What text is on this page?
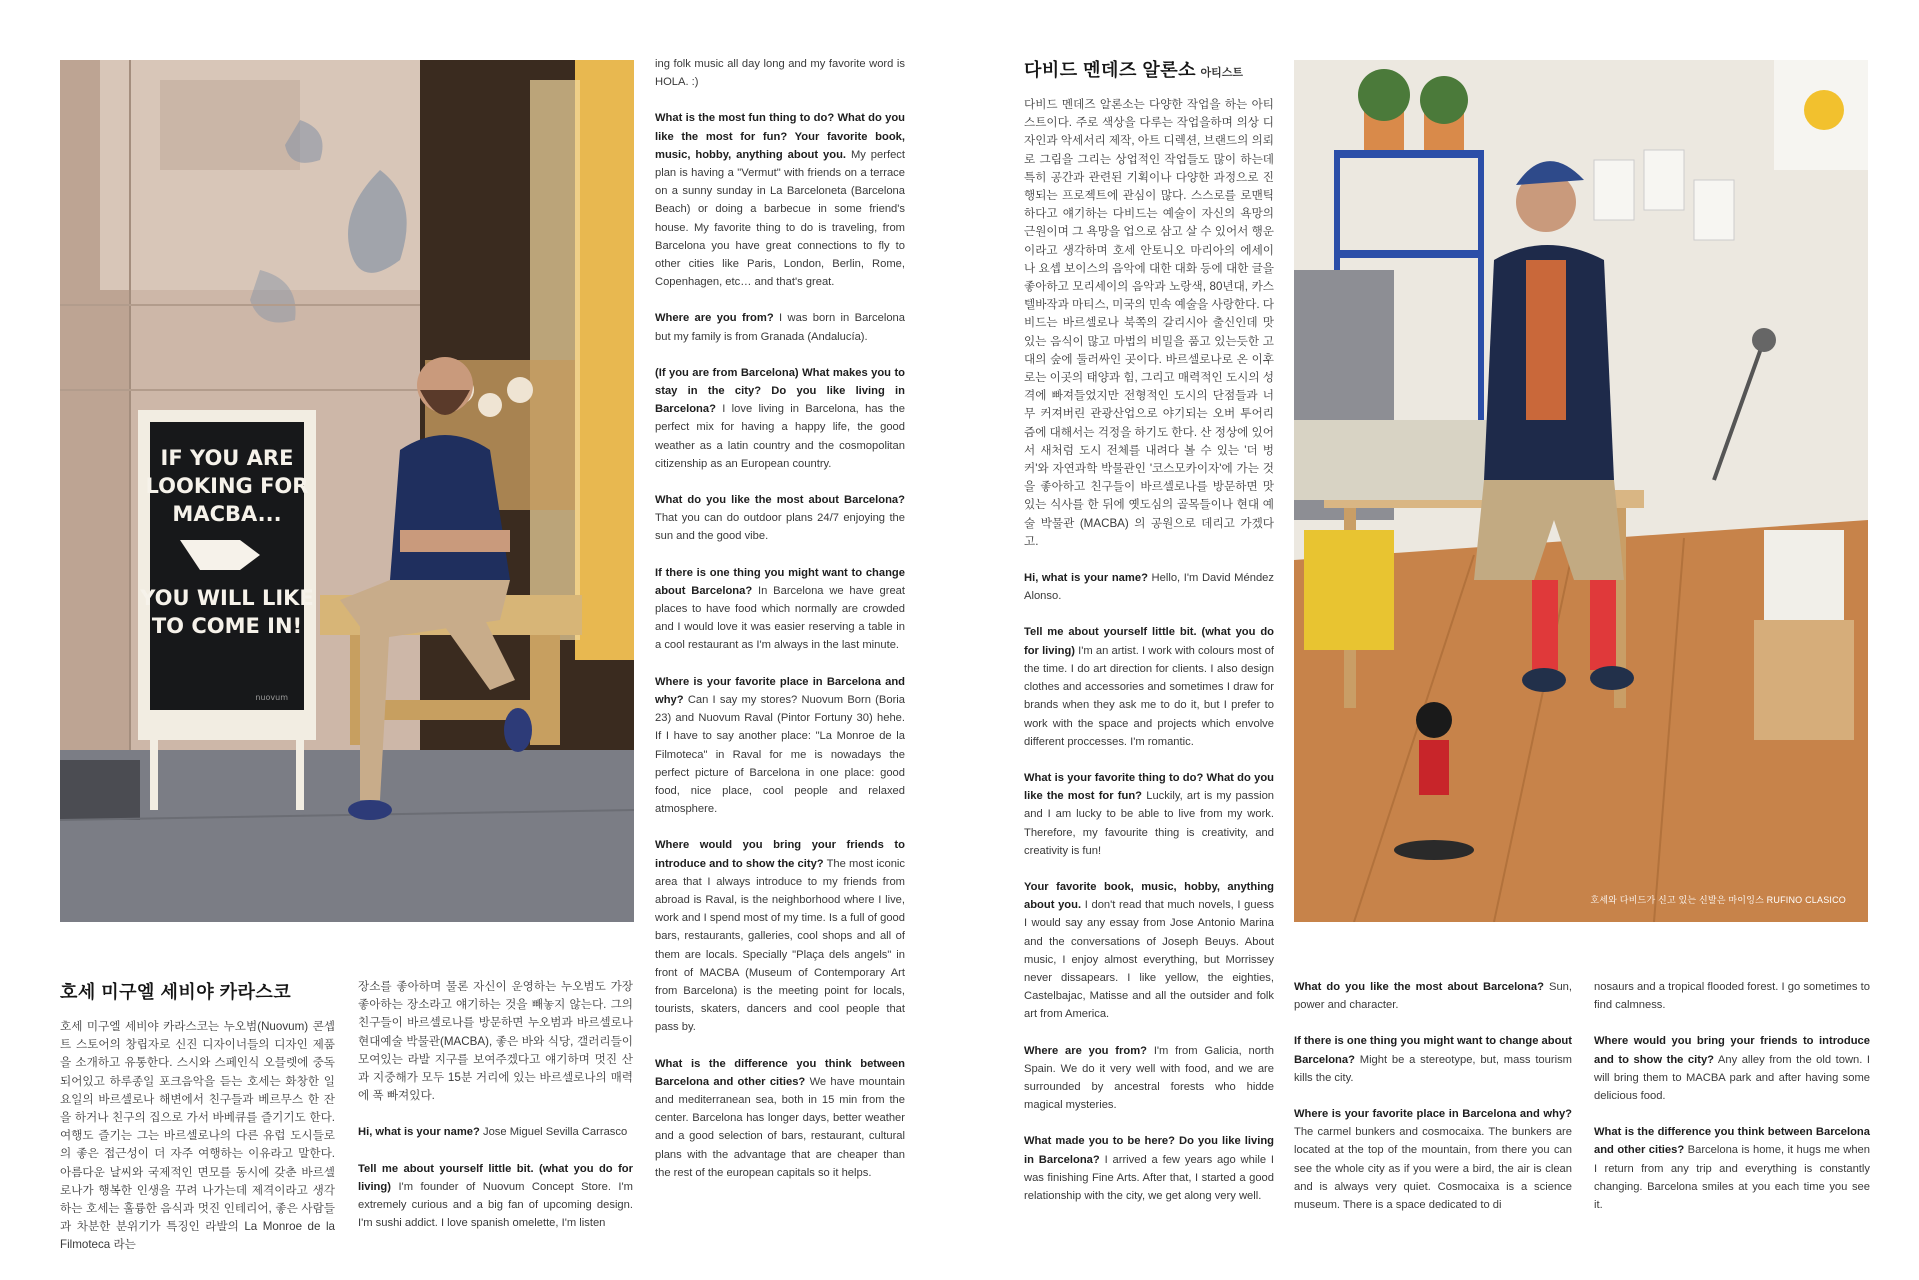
IF YOU ARE
LOOKING FOR
MACBA...
YOU WILL LIKE
TO COME IN!
nuovum
호세 미구엘 세비야 카라스코
호세 미구엘 세비야 카라스코는 누오범(Nuovum) 콘셉트 스토어의 창립자로 신진 디자이너들의 디자인 제품을 소개하고 유통한다. 스시와 스페인식 오믈렛에 중독되어있고 하루종일 포크음악을 듣는 호세는 화창한 일요일의 바르셀로나 해변에서 친구들과 베르무스 한 잔을 하거나 친구의 집으로 가서 바베큐를 즐기기도 한다. 여행도 즐기는 그는 바르셀로나의 다른 유럽 도시들로의 좋은 접근성이 더 자주 여행하는 이유라고 말한다. 아름다운 날씨와 국제적인 면모를 동시에 갖춘 바르셀로나가 행복한 인생을 꾸려 나가는데 제격이라고 생각하는 호세는 훌륭한 음식과 멋진 인테리어, 좋은 사람들과 차분한 분위기가 특징인 라발의 La Monroe de la Filmoteca 라는

장소를 좋아하며 물론 자신이 운영하는 누오범도 가장 좋아하는 장소라고 얘기하는 것을 빼놓지 않는다. 그의 친구들이 바르셀로나를 방문하면 누오범과 바르셀로나 현대예술 박물관(MACBA), 좋은 바와 식당, 갤러리들이 모여있는 라발 지구를 보여주겠다고 얘기하며 멋진 산과 지중해가 모두 15분 거리에 있는 바르셀로나의 매력에 푹 빠져있다.

Hi, what is your name? Jose Miguel Sevilla Carrasco

Tell me about yourself little bit. (what you do for living) I'm founder of Nuovum Concept Store. I'm extremely curious and a big fan of upcoming design. I'm sushi addict. I love spanish omelette, I'm listen

ing folk music all day long and my favorite word is HOLA. :)

What is the most fun thing to do? What do you like the most for fun? Your favorite book, music, hobby, anything about you. My perfect plan is having a "Vermut" with friends on a terrace on a sunny sunday in La Barceloneta (Barcelona Beach) or doing a barbecue in some friend's house. My favorite thing to do is traveling, from Barcelona you have great connections to fly to other cities like Paris, London, Berlin, Rome, Copenhagen, etc… and that's great.

Where are you from? I was born in Barcelona but my family is from Granada (Andalucía).

(If you are from Barcelona) What makes you to stay in the city? Do you like living in Barcelona? I love living in Barcelona, has the perfect mix for having a happy life, the good weather as a latin country and the cosmopolitan citizenship as an European country.

What do you like the most about Barcelona? That you can do outdoor plans 24/7 enjoying the sun and the good vibe.

If there is one thing you might want to change about Barcelona? In Barcelona we have great places to have food which normally are crowded and I would love it was easier reserving a table in a cool restaurant as I'm always in the last minute.

Where is your favorite place in Barcelona and why? Can I say my stores? Nuovum Born (Boria 23) and Nuovum Raval (Pintor Fortuny 30) hehe. If I have to say another place: "La Monroe de la Filmoteca" in Raval for me is nowadays the perfect picture of Barcelona in one place: good food, nice place, cool people and relaxed atmosphere.

Where would you bring your friends to introduce and to show the city? The most iconic area that I always introduce to my friends from abroad is Raval, is the neighborhood where I live, work and I spend most of my time. Is a full of good bars, restaurants, galleries, cool shops and all of them are locals. Specially "Plaça dels angels" in front of MACBA (Museum of Contemporary Art from Barcelona) is the meeting point for locals, tourists, skaters, dancers and cool people that pass by.

What is the difference you think between Barcelona and other cities? We have mountain and mediterranean sea, both in 15 min from the center. Barcelona has longer days, better weather and a good selection of bars, restaurant, cultural plans with the advantage that are cheaper than the rest of the european capitals so it helps.

다비드 멘데즈 알론소 아티스트

다비드 멘데즈 알론소는 다양한 작업을 하는 아티스트이다. 주로 색상을 다루는 작업을하며 의상 디자인과 악세서리 제작, 아트 디렉션, 브랜드의 의뢰로 그림을 그리는 상업적인 작업들도 많이 하는데 특히 공간과 관련된 기획이나 다양한 과정으로 진행되는 프로젝트에 관심이 많다. 스스로를 로맨틱하다고 얘기하는 다비드는 예술이 자신의 욕망의 근원이며 그 욕망을 업으로 삼고 살 수 있어서 행운이라고 생각하며 호세 안토니오 마리아의 에세이나 요셉 보이스의 음악에 대한 대화 등에 대한 글을 좋아하고 모리세이의 음악과 노랑색, 80년대, 카스텔바작과 마티스, 미국의 민속 예술을 사랑한다. 다비드는 바르셀로나 북쪽의 갈리시아 출신인데 맛있는 음식이 많고 마법의 비밀을 품고 있는듯한 고대의 숲에 둘러싸인 곳이다. 바르셀로나로 온 이후로는 이곳의 태양과 힘, 그리고 매력적인 도시의 성격에 빠져들었지만 전형적인 도시의 단점들과 너무 커져버린 관광산업으로 야기되는 오버 투어리즘에 대해서는 걱정을 하기도 한다. 산 정상에 있어서 새처럼 도시 전체를 내려다 볼 수 있는 '더 벙커'와 자연과학 박물관인 '코스모카이자'에 가는 것을 좋아하고 친구들이 바르셀로나를 방문하면 맛있는 식사를 한 뒤에 옛도심의 골목들이나 현대 예술 박물관 (MACBA) 의 공원으로 데리고 가겠다고.

Hi, what is your name? Hello, I'm David Méndez Alonso.

Tell me about yourself little bit. (what you do for living) I'm an artist. I work with colours most of the time. I do art direction for clients. I also design clothes and accessories and sometimes I draw for brands when they ask me to do it, but I prefer to work with the space and projects which envolve different proccesses. I'm romantic.

What is your favorite thing to do? What do you like the most for fun? Luckily, art is my passion and I am lucky to be able to live from my work. Therefore, my favourite thing is creativity, and creativity is fun!

Your favorite book, music, hobby, anything about you. I don't read that much novels, I guess I would say any essay from Jose Antonio Marina and the conversations of Joseph Beuys. About music, I enjoy almost everything, but Morrissey never dissapears. I like yellow, the eighties, Castelbajac, Matisse and all the outsider and folk art from America.

Where are you from? I'm from Galicia, north Spain. We do it very well with food, and we are surrounded by ancestral forests who hidde magical mysteries.

What made you to be here? Do you like living in Barcelona? I arrived a few years ago while I was finishing Fine Arts. After that, I started a good relationship with the city, we get along very well.

호세와 다비드가 신고 있는 신발은 마이잉스 RUFINO CLASICO

What do you like the most about Barcelona? Sun, power and character.

If there is one thing you might want to change about Barcelona? Might be a stereotype, but, mass tourism kills the city.

Where is your favorite place in Barcelona and why? The carmel bunkers and cosmocaixa. The bunkers are located at the top of the mountain, from there you can see the whole city as if you were a bird, the air is clean and is always very quiet. Cosmocaixa is a science museum. There is a space dedicated to di

nosaurs and a tropical flooded forest. I go sometimes to find calmness.

Where would you bring your friends to introduce and to show the city? Any alley from the old town. I will bring them to MACBA park and after having some delicious food.

What is the difference you think between Barcelona and other cities? Barcelona is home, it hugs me when I return from any trip and everything is constantly changing. Barcelona smiles at you each time you see it.
